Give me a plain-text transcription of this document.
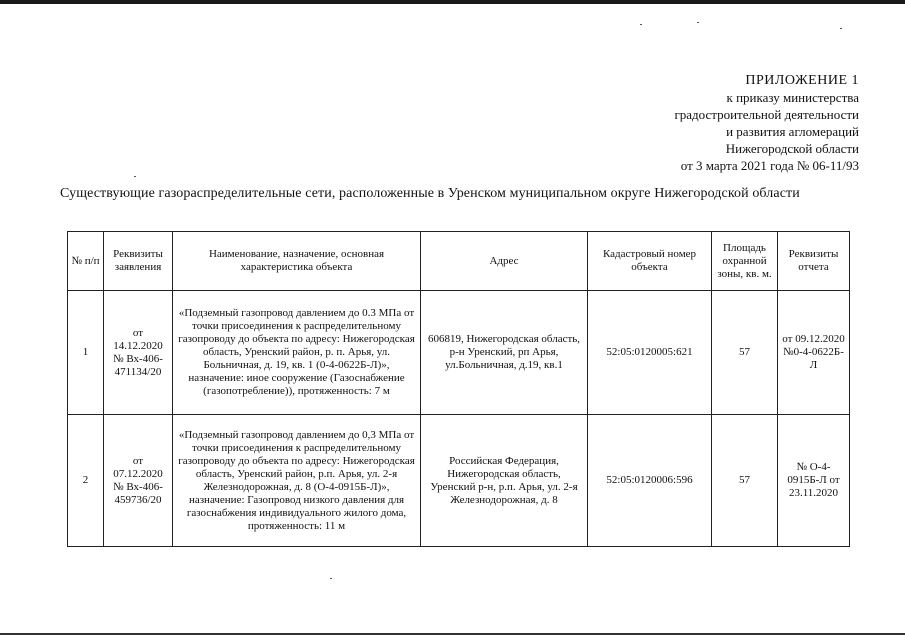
ПРИЛОЖЕНИЕ 1
к приказу министерства
градостроительной деятельности
и развития агломераций
Нижегородской области
от 3 марта 2021 года № 06-11/93
Существующие газораспределительные сети, расположенные в Уренском муниципальном округе Нижегородской области
№ п/п	Реквизиты заявления	Наименование, назначение, основная характеристика объекта	Адрес	Кадастровый номер объекта	Площадь охранной зоны, кв. м.	Реквизиты отчета
1	от 14.12.2020 № Вх-406-471134/20	«Подземный газопровод давлением до 0.3 МПа от точки присоединения к распределительному газопроводу до объекта по адресу: Нижегородская область, Уренский район, р. п. Арья, ул. Больничная, д. 19, кв. 1 (0-4-0622Б-Л)», назначение: иное сооружение (Газоснабжение (газопотребление)), протяженность: 7 м	606819, Нижегородская область, р-н Уренский, рп Арья, ул.Больничная, д.19, кв.1	52:05:0120005:621	57	от 09.12.2020 №0-4-0622Б-Л
2	от 07.12.2020 № Вх-406-459736/20	«Подземный газопровод давлением до 0,3 МПа от точки присоединения к распределительному газопроводу до объекта по адресу: Нижегородская область, Уренский район, р.п. Арья, ул. 2-я Железнодорожная, д. 8 (О-4-0915Б-Л)», назначение: Газопровод низкого давления для газоснабжения индивидуального жилого дома, протяженность: 11 м	Российская Федерация, Нижегородская область, Уренский р-н, р.п. Арья, ул. 2-я Железнодорожная, д. 8	52:05:0120006:596	57	№ О-4-0915Б-Л от 23.11.2020
